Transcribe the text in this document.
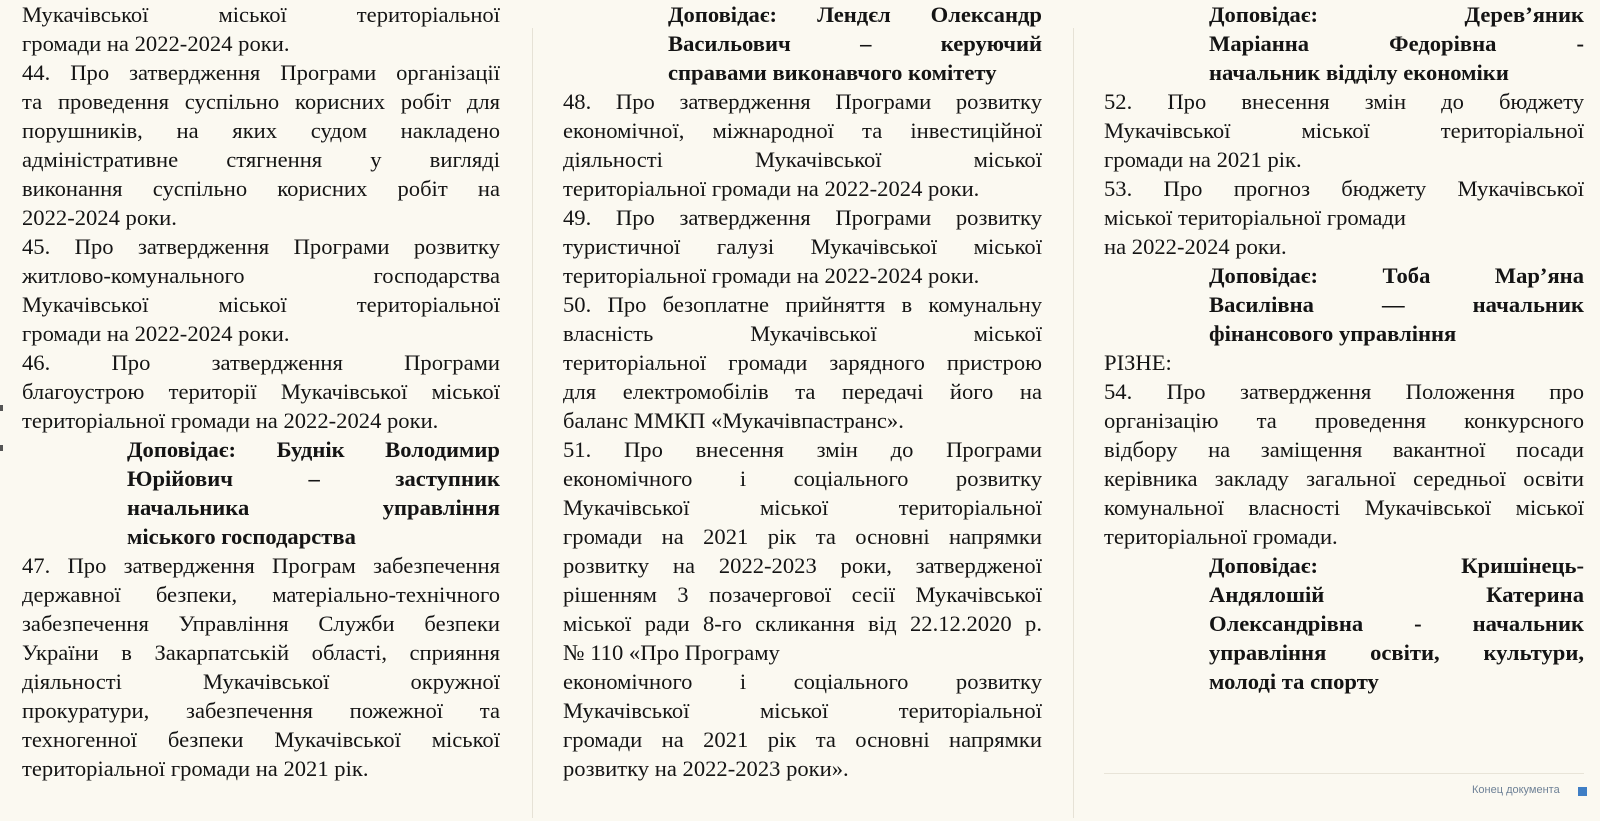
Мукачівської міської територіальної
громади на 2022-2024 роки.
44. Про затвердження Програми організації
та проведення суспільно корисних робіт для
порушників, на яких судом накладено
адміністративне стягнення у вигляді
виконання суспільно корисних робіт на
2022-2024 роки.
45. Про затвердження Програми розвитку
житлово-комунального господарства
Мукачівської міської територіальної
громади на 2022-2024 роки.
46. Про затвердження Програми
благоустрою території Мукачівської міської
територіальної громади на 2022-2024 роки.
Доповідає: Буднік Володимир
Юрійович – заступник
начальника управління
міського господарства
47. Про затвердження Програм забезпечення
державної безпеки, матеріально-технічного
забезпечення Управління Служби безпеки
України в Закарпатській області, сприяння
діяльності Мукачівської окружної
прокуратури, забезпечення пожежної та
техногенної безпеки Мукачівської міської
територіальної громади на 2021 рік.
Доповідає: Лендєл Олександр
Васильович – керуючий
справами виконавчого комітету
48. Про затвердження Програми розвитку
економічної, міжнародної та інвестиційної
діяльності Мукачівської міської
територіальної громади на 2022-2024 роки.
49. Про затвердження Програми розвитку
туристичної галузі Мукачівської міської
територіальної громади на 2022-2024 роки.
50. Про безоплатне прийняття в комунальну
власність Мукачівської міської
територіальної громади зарядного пристрою
для електромобілів та передачі його на
баланс ММКП «Мукачівпастранс».
51. Про внесення змін до Програми
економічного і соціального розвитку
Мукачівської міської територіальної
громади на 2021 рік та основні напрямки
розвитку на 2022-2023 роки, затвердженої
рішенням 3 позачергової сесії Мукачівської
міської ради 8-го скликання від 22.12.2020 р.
№ 110 «Про Програму
економічного і соціального розвитку
Мукачівської міської територіальної
громади на 2021 рік та основні напрямки
розвитку на 2022-2023 роки».
Доповідає: Дерев’яник
Маріанна Федорівна -
начальник відділу економіки
52. Про внесення змін до бюджету
Мукачівської міської територіальної
громади на 2021 рік.
53. Про прогноз бюджету Мукачівської
міської територіальної громади
на 2022-2024 роки.
Доповідає: Тоба Мар’яна
Василівна — начальник
фінансового управління
РІЗНЕ:
54. Про затвердження Положення про
організацію та проведення конкурсного
відбору на заміщення вакантної посади
керівника закладу загальної середньої освіти
комунальної власності Мукачівської міської
територіальної громади.
Доповідає: Кришінець-
Андялошій Катерина
Олександрівна - начальник
управління освіти, культури,
молоді та спорту
Конец документа
